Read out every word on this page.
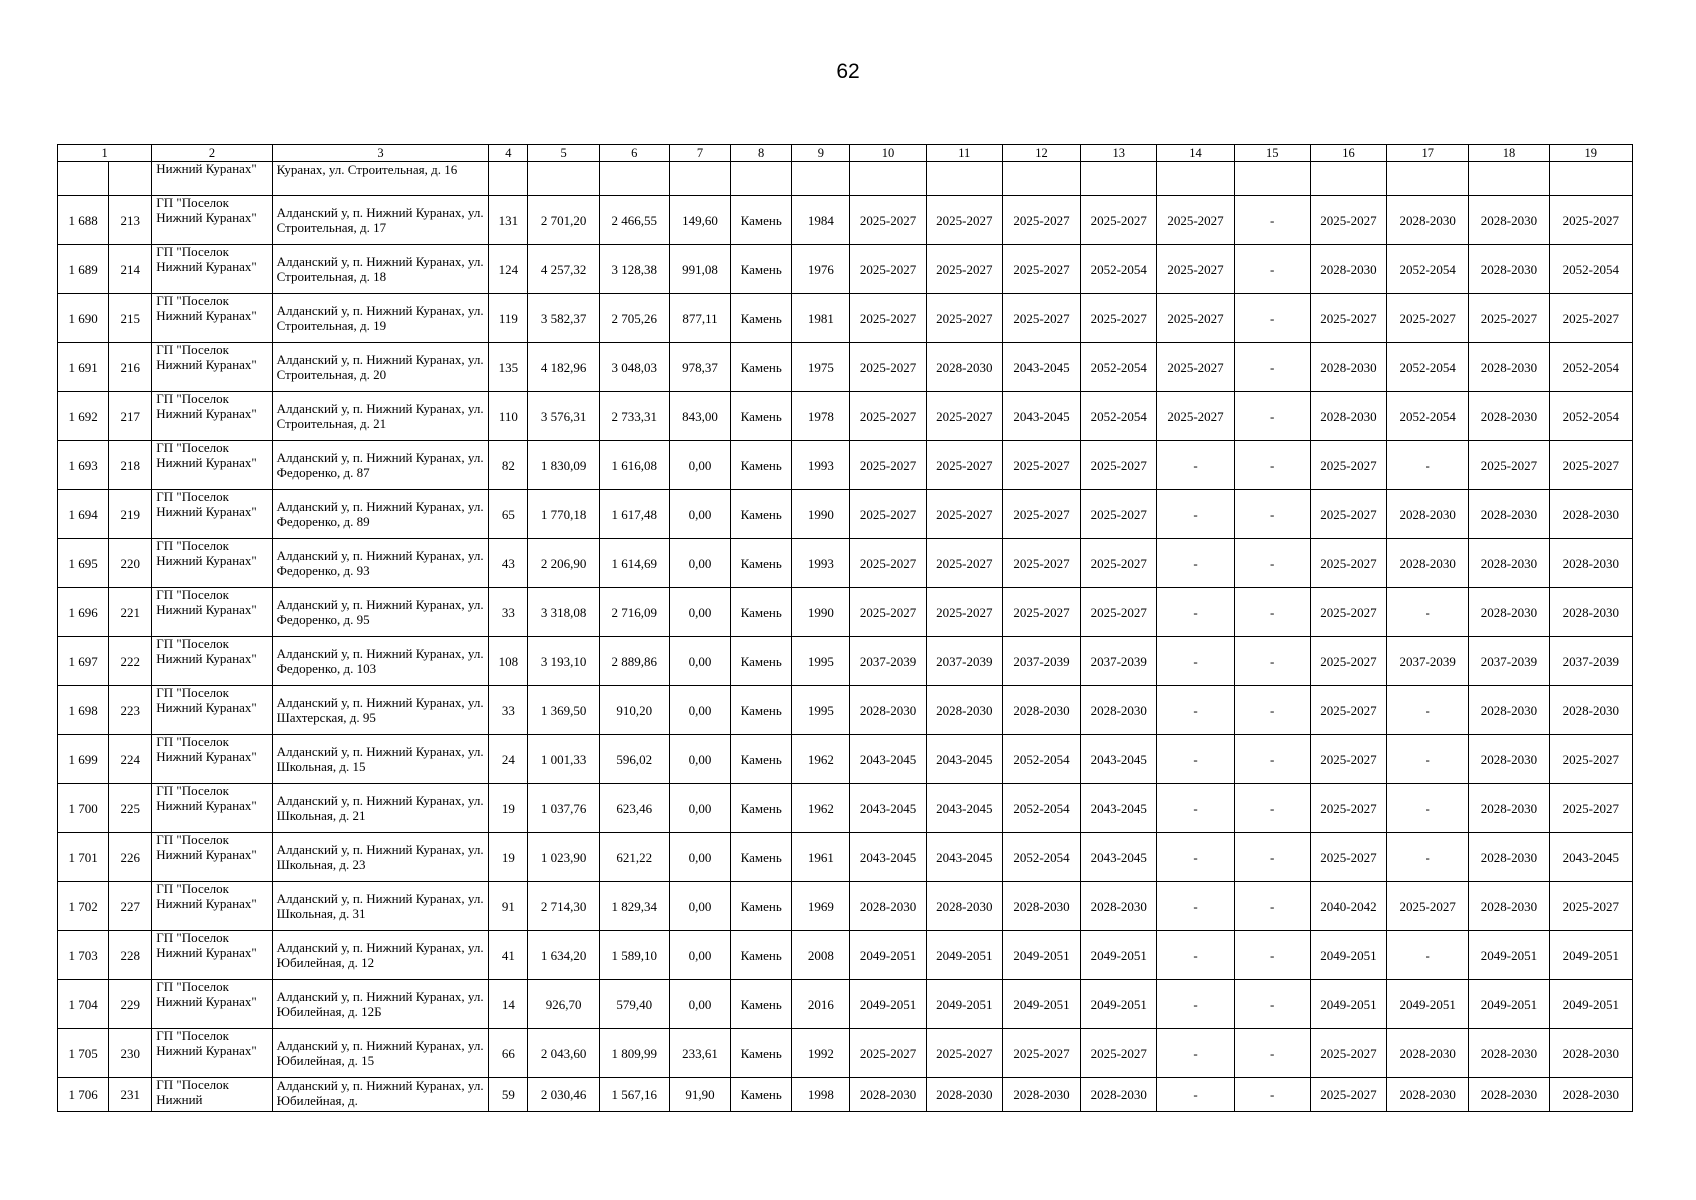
62
1		2	3	4	5	6	7	8	9	10	11	12	13	14	15	16	17	18	19
		Нижний Куранах"	Куранах, ул. Строительная, д. 16																
1 688	213	ГП "Поселок Нижний Куранах"	Алданский у, п. Нижний Куранах, ул. Строительная, д. 17	131	2 701,20	2 466,55	149,60	Камень	1984	2025-2027	2025-2027	2025-2027	2025-2027	2025-2027	-	2025-2027	2028-2030	2028-2030	2025-2027
1 689	214	ГП "Поселок Нижний Куранах"	Алданский у, п. Нижний Куранах, ул. Строительная, д. 18	124	4 257,32	3 128,38	991,08	Камень	1976	2025-2027	2025-2027	2025-2027	2052-2054	2025-2027	-	2028-2030	2052-2054	2028-2030	2052-2054
1 690	215	ГП "Поселок Нижний Куранах"	Алданский у, п. Нижний Куранах, ул. Строительная, д. 19	119	3 582,37	2 705,26	877,11	Камень	1981	2025-2027	2025-2027	2025-2027	2025-2027	2025-2027	-	2025-2027	2025-2027	2025-2027	2025-2027
1 691	216	ГП "Поселок Нижний Куранах"	Алданский у, п. Нижний Куранах, ул. Строительная, д. 20	135	4 182,96	3 048,03	978,37	Камень	1975	2025-2027	2028-2030	2043-2045	2052-2054	2025-2027	-	2028-2030	2052-2054	2028-2030	2052-2054
1 692	217	ГП "Поселок Нижний Куранах"	Алданский у, п. Нижний Куранах, ул. Строительная, д. 21	110	3 576,31	2 733,31	843,00	Камень	1978	2025-2027	2025-2027	2043-2045	2052-2054	2025-2027	-	2028-2030	2052-2054	2028-2030	2052-2054
1 693	218	ГП "Поселок Нижний Куранах"	Алданский у, п. Нижний Куранах, ул. Федоренко, д. 87	82	1 830,09	1 616,08	0,00	Камень	1993	2025-2027	2025-2027	2025-2027	2025-2027	-	-	2025-2027	-	2025-2027	2025-2027
1 694	219	ГП "Поселок Нижний Куранах"	Алданский у, п. Нижний Куранах, ул. Федоренко, д. 89	65	1 770,18	1 617,48	0,00	Камень	1990	2025-2027	2025-2027	2025-2027	2025-2027	-	-	2025-2027	2028-2030	2028-2030	2028-2030
1 695	220	ГП "Поселок Нижний Куранах"	Алданский у, п. Нижний Куранах, ул. Федоренко, д. 93	43	2 206,90	1 614,69	0,00	Камень	1993	2025-2027	2025-2027	2025-2027	2025-2027	-	-	2025-2027	2028-2030	2028-2030	2028-2030
1 696	221	ГП "Поселок Нижний Куранах"	Алданский у, п. Нижний Куранах, ул. Федоренко, д. 95	33	3 318,08	2 716,09	0,00	Камень	1990	2025-2027	2025-2027	2025-2027	2025-2027	-	-	2025-2027	-	2028-2030	2028-2030
1 697	222	ГП "Поселок Нижний Куранах"	Алданский у, п. Нижний Куранах, ул. Федоренко, д. 103	108	3 193,10	2 889,86	0,00	Камень	1995	2037-2039	2037-2039	2037-2039	2037-2039	-	-	2025-2027	2037-2039	2037-2039	2037-2039
1 698	223	ГП "Поселок Нижний Куранах"	Алданский у, п. Нижний Куранах, ул. Шахтерская, д. 95	33	1 369,50	910,20	0,00	Камень	1995	2028-2030	2028-2030	2028-2030	2028-2030	-	-	2025-2027	-	2028-2030	2028-2030
1 699	224	ГП "Поселок Нижний Куранах"	Алданский у, п. Нижний Куранах, ул. Школьная, д. 15	24	1 001,33	596,02	0,00	Камень	1962	2043-2045	2043-2045	2052-2054	2043-2045	-	-	2025-2027	-	2028-2030	2025-2027
1 700	225	ГП "Поселок Нижний Куранах"	Алданский у, п. Нижний Куранах, ул. Школьная, д. 21	19	1 037,76	623,46	0,00	Камень	1962	2043-2045	2043-2045	2052-2054	2043-2045	-	-	2025-2027	-	2028-2030	2025-2027
1 701	226	ГП "Поселок Нижний Куранах"	Алданский у, п. Нижний Куранах, ул. Школьная, д. 23	19	1 023,90	621,22	0,00	Камень	1961	2043-2045	2043-2045	2052-2054	2043-2045	-	-	2025-2027	-	2028-2030	2043-2045
1 702	227	ГП "Поселок Нижний Куранах"	Алданский у, п. Нижний Куранах, ул. Школьная, д. 31	91	2 714,30	1 829,34	0,00	Камень	1969	2028-2030	2028-2030	2028-2030	2028-2030	-	-	2040-2042	2025-2027	2028-2030	2025-2027
1 703	228	ГП "Поселок Нижний Куранах"	Алданский у, п. Нижний Куранах, ул. Юбилейная, д. 12	41	1 634,20	1 589,10	0,00	Камень	2008	2049-2051	2049-2051	2049-2051	2049-2051	-	-	2049-2051	-	2049-2051	2049-2051
1 704	229	ГП "Поселок Нижний Куранах"	Алданский у, п. Нижний Куранах, ул. Юбилейная, д. 12Б	14	926,70	579,40	0,00	Камень	2016	2049-2051	2049-2051	2049-2051	2049-2051	-	-	2049-2051	2049-2051	2049-2051	2049-2051
1 705	230	ГП "Поселок Нижний Куранах"	Алданский у, п. Нижний Куранах, ул. Юбилейная, д. 15	66	2 043,60	1 809,99	233,61	Камень	1992	2025-2027	2025-2027	2025-2027	2025-2027	-	-	2025-2027	2028-2030	2028-2030	2028-2030
1 706	231	ГП "Поселок Нижний	Алданский у, п. Нижний Куранах, ул. Юбилейная, д.	59	2 030,46	1 567,16	91,90	Камень	1998	2028-2030	2028-2030	2028-2030	2028-2030	-	-	2025-2027	2028-2030	2028-2030	2028-2030
